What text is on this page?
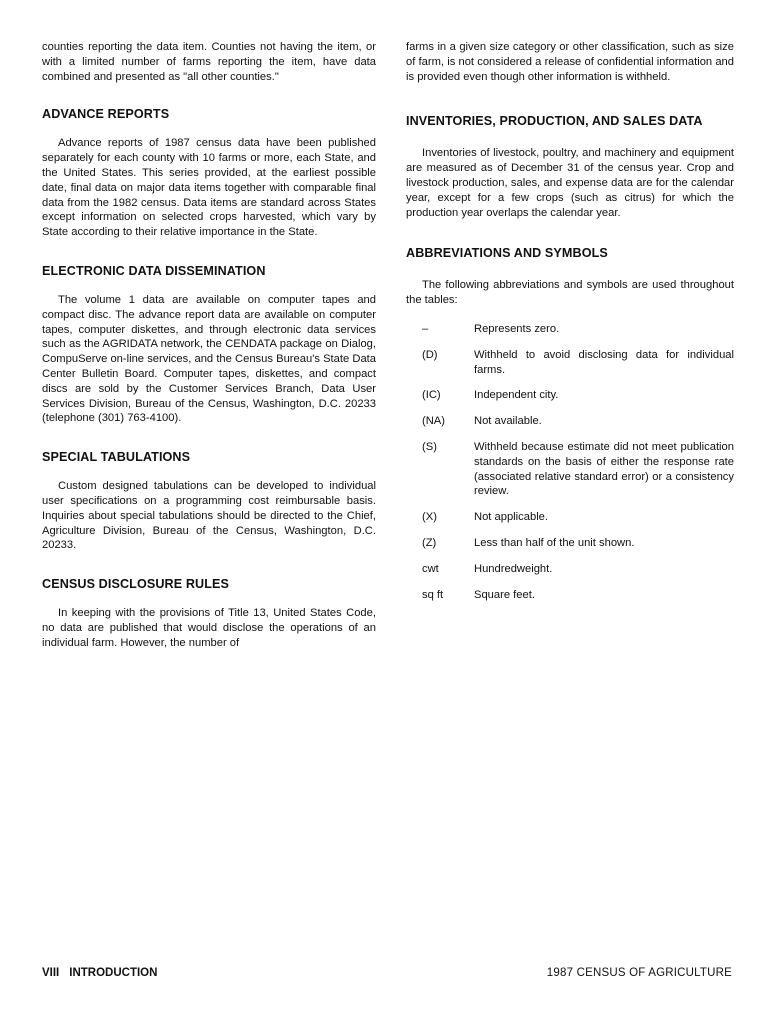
counties reporting the data item. Counties not having the item, or with a limited number of farms reporting the item, have data combined and presented as "all other counties."

ADVANCE REPORTS

Advance reports of 1987 census data have been published separately for each county with 10 farms or more, each State, and the United States. This series provided, at the earliest possible date, final data on major data items together with comparable final data from the 1982 census. Data items are standard across States except information on selected crops harvested, which vary by State according to their relative importance in the State.

ELECTRONIC DATA DISSEMINATION

The volume 1 data are available on computer tapes and compact disc. The advance report data are available on computer tapes, computer diskettes, and through electronic data services such as the AGRIDATA network, the CENDATA package on Dialog, CompuServe on-line services, and the Census Bureau's State Data Center Bulletin Board. Computer tapes, diskettes, and compact discs are sold by the Customer Services Branch, Data User Services Division, Bureau of the Census, Washington, D.C. 20233 (telephone (301) 763-4100).

SPECIAL TABULATIONS

Custom designed tabulations can be developed to individual user specifications on a programming cost reimbursable basis. Inquiries about special tabulations should be directed to the Chief, Agriculture Division, Bureau of the Census, Washington, D.C. 20233.

CENSUS DISCLOSURE RULES

In keeping with the provisions of Title 13, United States Code, no data are published that would disclose the operations of an individual farm. However, the number of

farms in a given size category or other classification, such as size of farm, is not considered a release of confidential information and is provided even though other information is withheld.

INVENTORIES, PRODUCTION, AND SALES DATA

Inventories of livestock, poultry, and machinery and equipment are measured as of December 31 of the census year. Crop and livestock production, sales, and expense data are for the calendar year, except for a few crops (such as citrus) for which the production year overlaps the calendar year.

ABBREVIATIONS AND SYMBOLS

The following abbreviations and symbols are used throughout the tables:

–	Represents zero.
(D)	Withheld to avoid disclosing data for individual farms.
(IC)	Independent city.
(NA)	Not available.
(S)	Withheld because estimate did not meet publication standards on the basis of either the response rate (associated relative standard error) or a consistency review.
(X)	Not applicable.
(Z)	Less than half of the unit shown.
cwt	Hundredweight.
sq ft	Square feet.
VIII INTRODUCTION	1987 CENSUS OF AGRICULTURE
